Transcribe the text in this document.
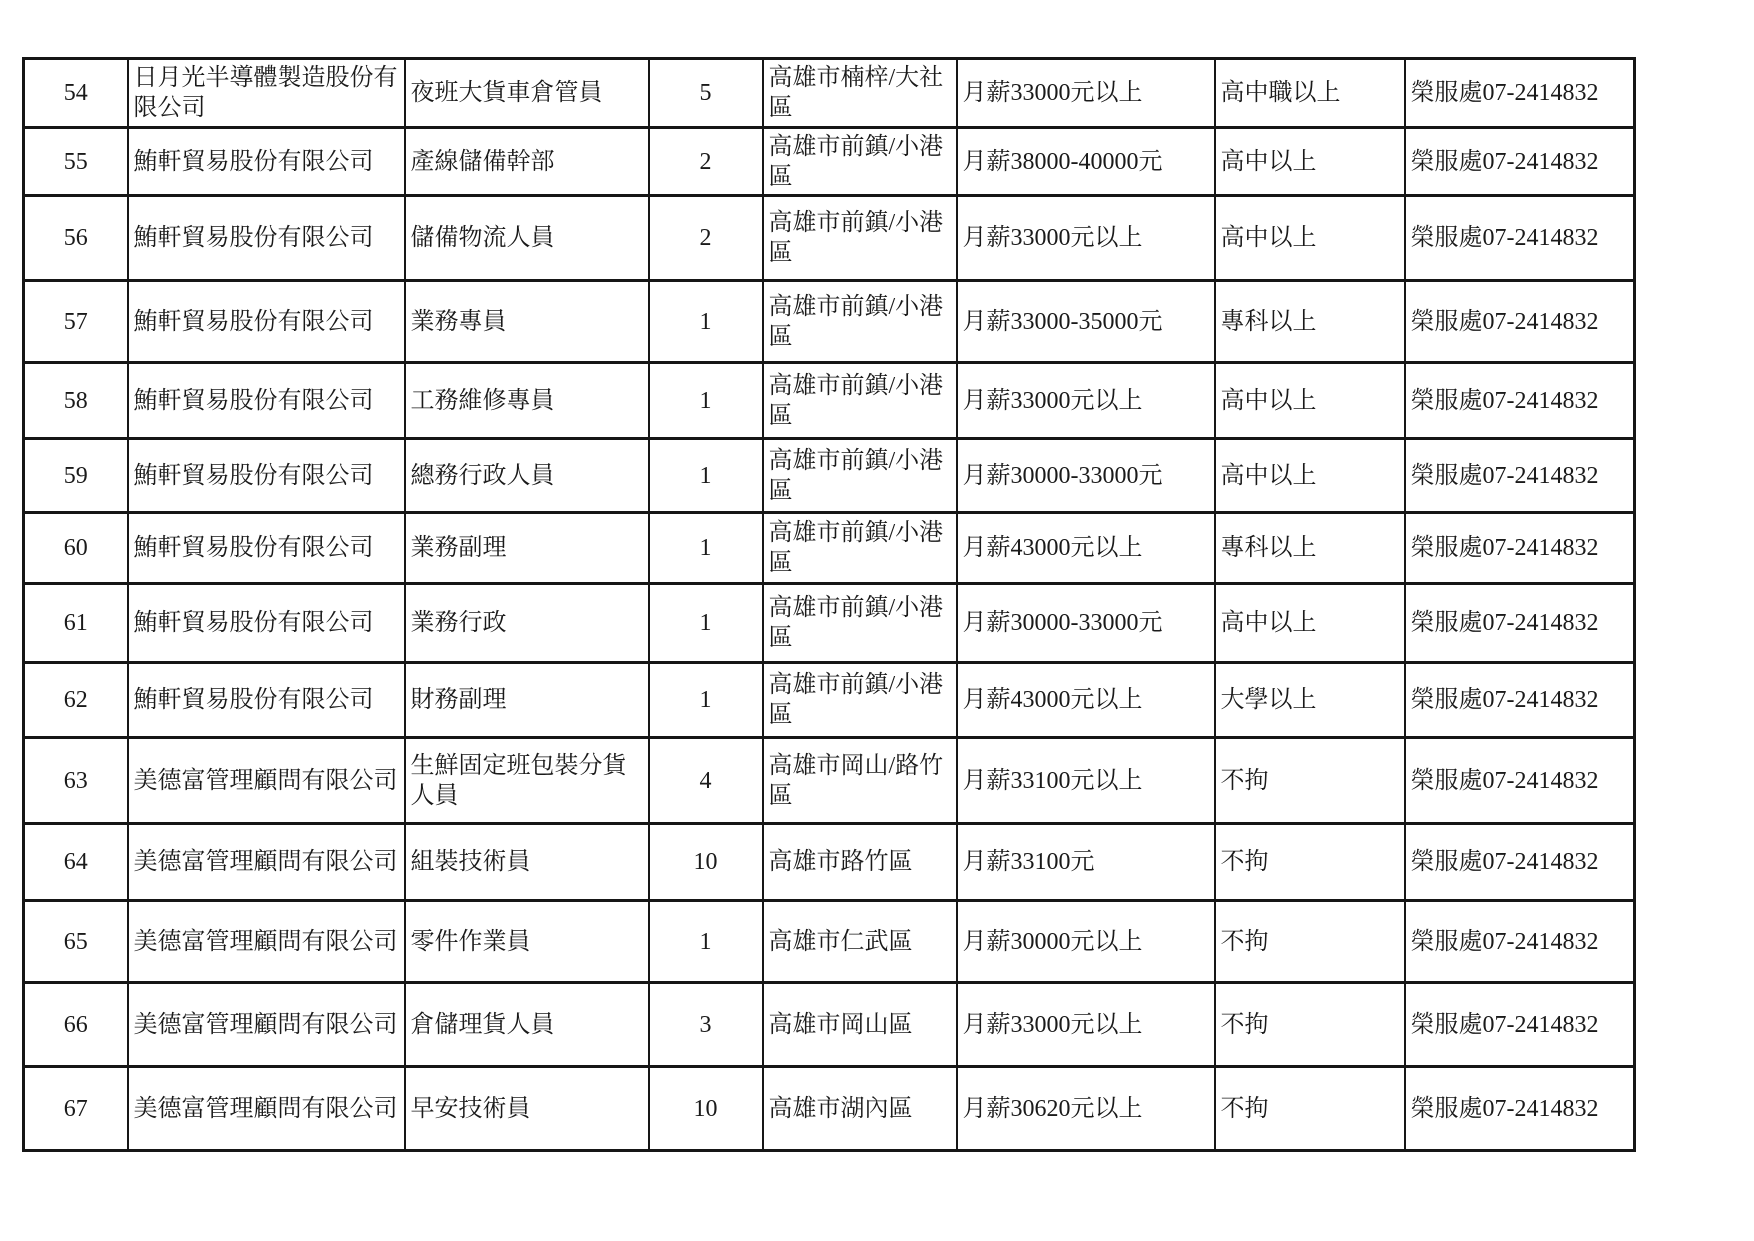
54	日月光半導體製造股份有限公司	夜班大貨車倉管員	5	高雄市楠梓/大社區	月薪33000元以上	高中職以上	榮服處07-2414832
55	鮪軒貿易股份有限公司	產線儲備幹部	2	高雄市前鎮/小港區	月薪38000-40000元	高中以上	榮服處07-2414832
56	鮪軒貿易股份有限公司	儲備物流人員	2	高雄市前鎮/小港區	月薪33000元以上	高中以上	榮服處07-2414832
57	鮪軒貿易股份有限公司	業務專員	1	高雄市前鎮/小港區	月薪33000-35000元	專科以上	榮服處07-2414832
58	鮪軒貿易股份有限公司	工務維修專員	1	高雄市前鎮/小港區	月薪33000元以上	高中以上	榮服處07-2414832
59	鮪軒貿易股份有限公司	總務行政人員	1	高雄市前鎮/小港區	月薪30000-33000元	高中以上	榮服處07-2414832
60	鮪軒貿易股份有限公司	業務副理	1	高雄市前鎮/小港區	月薪43000元以上	專科以上	榮服處07-2414832
61	鮪軒貿易股份有限公司	業務行政	1	高雄市前鎮/小港區	月薪30000-33000元	高中以上	榮服處07-2414832
62	鮪軒貿易股份有限公司	財務副理	1	高雄市前鎮/小港區	月薪43000元以上	大學以上	榮服處07-2414832
63	美德富管理顧問有限公司	生鮮固定班包裝分貨人員	4	高雄市岡山/路竹區	月薪33100元以上	不拘	榮服處07-2414832
64	美德富管理顧問有限公司	組裝技術員	10	高雄市路竹區	月薪33100元	不拘	榮服處07-2414832
65	美德富管理顧問有限公司	零件作業員	1	高雄市仁武區	月薪30000元以上	不拘	榮服處07-2414832
66	美德富管理顧問有限公司	倉儲理貨人員	3	高雄市岡山區	月薪33000元以上	不拘	榮服處07-2414832
67	美德富管理顧問有限公司	早安技術員	10	高雄市湖內區	月薪30620元以上	不拘	榮服處07-2414832
